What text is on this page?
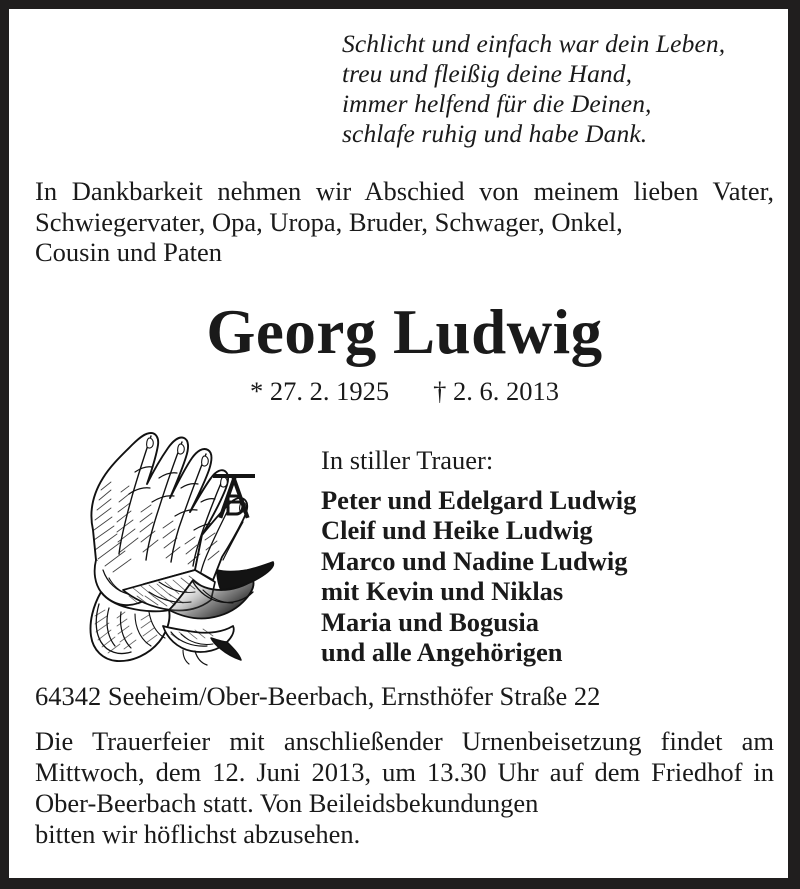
Schlicht und einfach war dein Leben,
treu und fleißig deine Hand,
immer helfend für die Deinen,
schlafe ruhig und habe Dank.

In Dankbarkeit nehmen wir Abschied von meinem lieben Vater, Schwiegervater, Opa, Uropa, Bruder, Schwager, Onkel,
Cousin und Paten

Georg Ludwig

* 27. 2. 1925 † 2. 6. 2013

In stiller Trauer:

Peter und Edelgard Ludwig
Cleif und Heike Ludwig
Marco und Nadine Ludwig
mit Kevin und Niklas
Maria und Bogusia
und alle Angehörigen

64342 Seeheim/Ober-Beerbach, Ernsthöfer Straße 22

Die Trauerfeier mit anschließender Urnenbeisetzung findet am Mittwoch, dem 12. Juni 2013, um 13.30 Uhr auf dem Friedhof in Ober-Beerbach statt. Von Beileidsbekundungen
bitten wir höflichst abzusehen.
